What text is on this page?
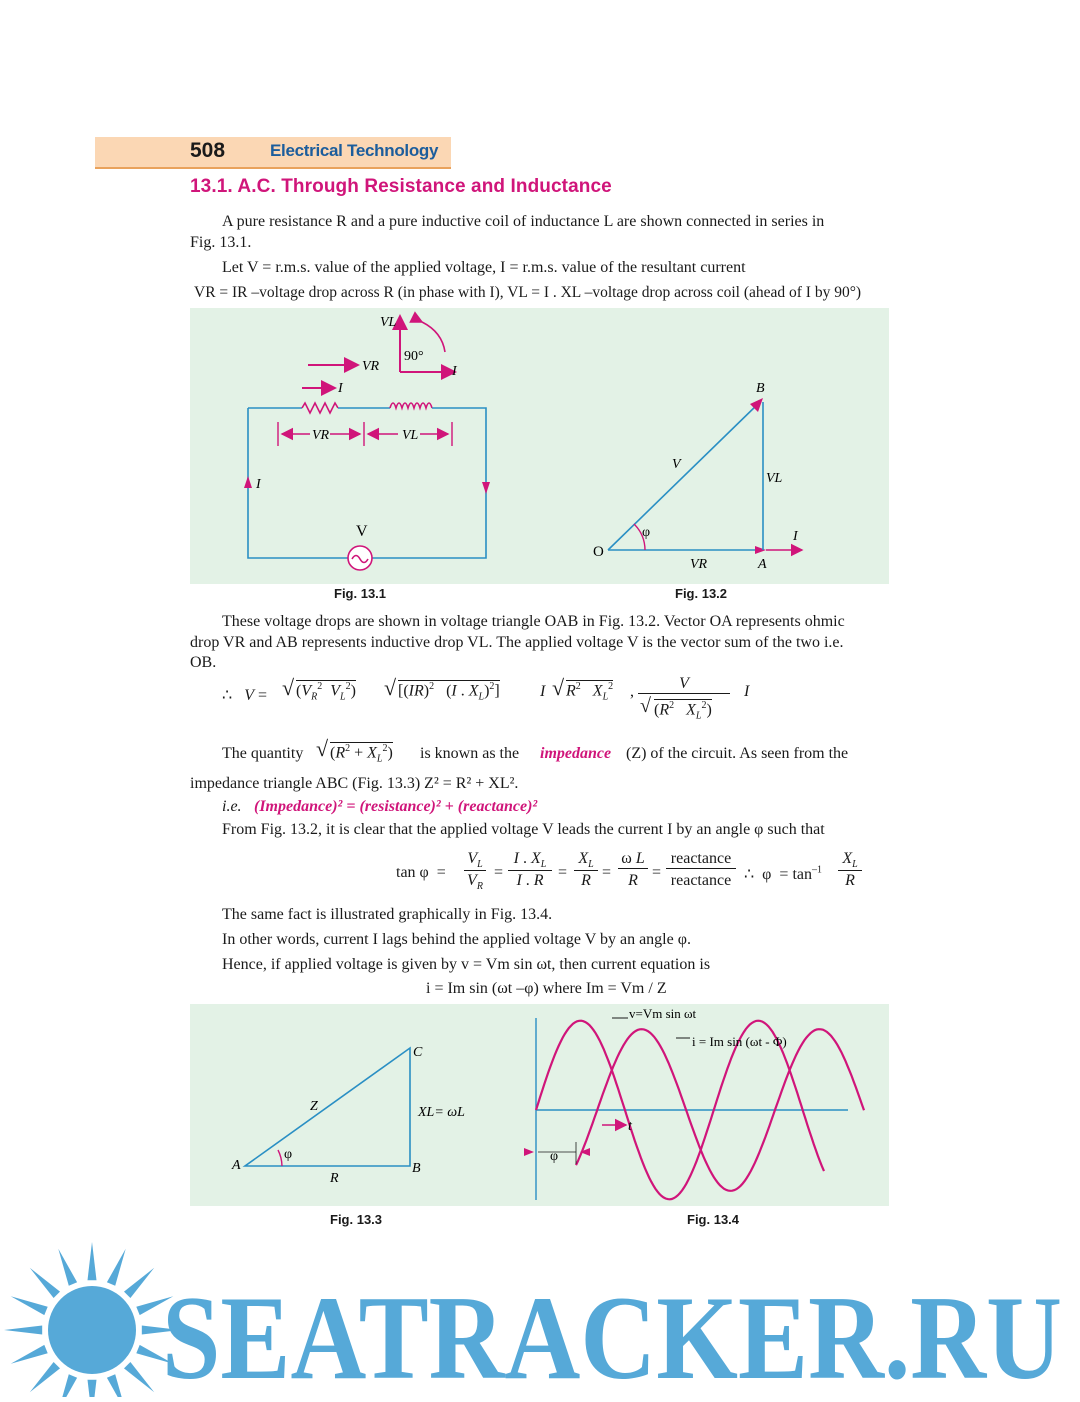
508	Electrical Technology
13.1. A.C. Through Resistance and Inductance
A pure resistance R and a pure inductive coil of inductance L are shown connected in series in
Fig. 13.1.
Let V = r.m.s. value of the applied voltage, I = r.m.s. value of the resultant current
VR = IR –voltage drop across R (in phase with I), VL = I . XL –voltage drop across coil (ahead of I by 90°)
VL
90°
I
VR
I
V
I
VR	VL
B
V
VL
φ
O
VR	A
I
Fig. 13.1	Fig. 13.2
These voltage drops are shown in voltage triangle OAB in Fig. 13.2. Vector OA represents ohmic
drop VR and AB represents inductive drop VL. The applied voltage V is the vector sum of the two i.e.
OB.
∴   V = √ ($V_R^2$ $V_L^2$) √ [(IR)$^2$   (I . $X_L)^2$]	I √ $R^2$ $X_L^2$ ,	V
√ ($R^2$ $X_L^2$)
I
The quantity √ $(R^2 + X_L^2)$ is known as the impedance (Z) of the circuit. As seen from the
impedance triangle ABC (Fig. 13.3) Z² = R² + XL².
i.e. (Impedance)² = (resistance)² + (reactance)²
From Fig. 13.2, it is clear that the applied voltage V leads the current I by an angle φ such that
tan φ  =
$V_L$
$V_R$
=
I . $X_L$
I . R =
$X_L$
R =
ω L
R =
reactance
reactance ∴  $\varphi = \tan^{-1}$
$X_L$
R
The same fact is illustrated graphically in Fig. 13.4.
In other words, current I lags behind the applied voltage V by an angle φ.
Hence, if applied voltage is given by v = Vm sin ωt, then current equation is
i = Im sin (ωt –φ) where Im = Vm / Z
C
Z	XL= ωL
A
φ
R
B
v=Vm sin ωt
i = Im sin (ωt - Φ)
t
φ
Fig. 13.3	Fig. 13.4
SEATRACKER.RU
